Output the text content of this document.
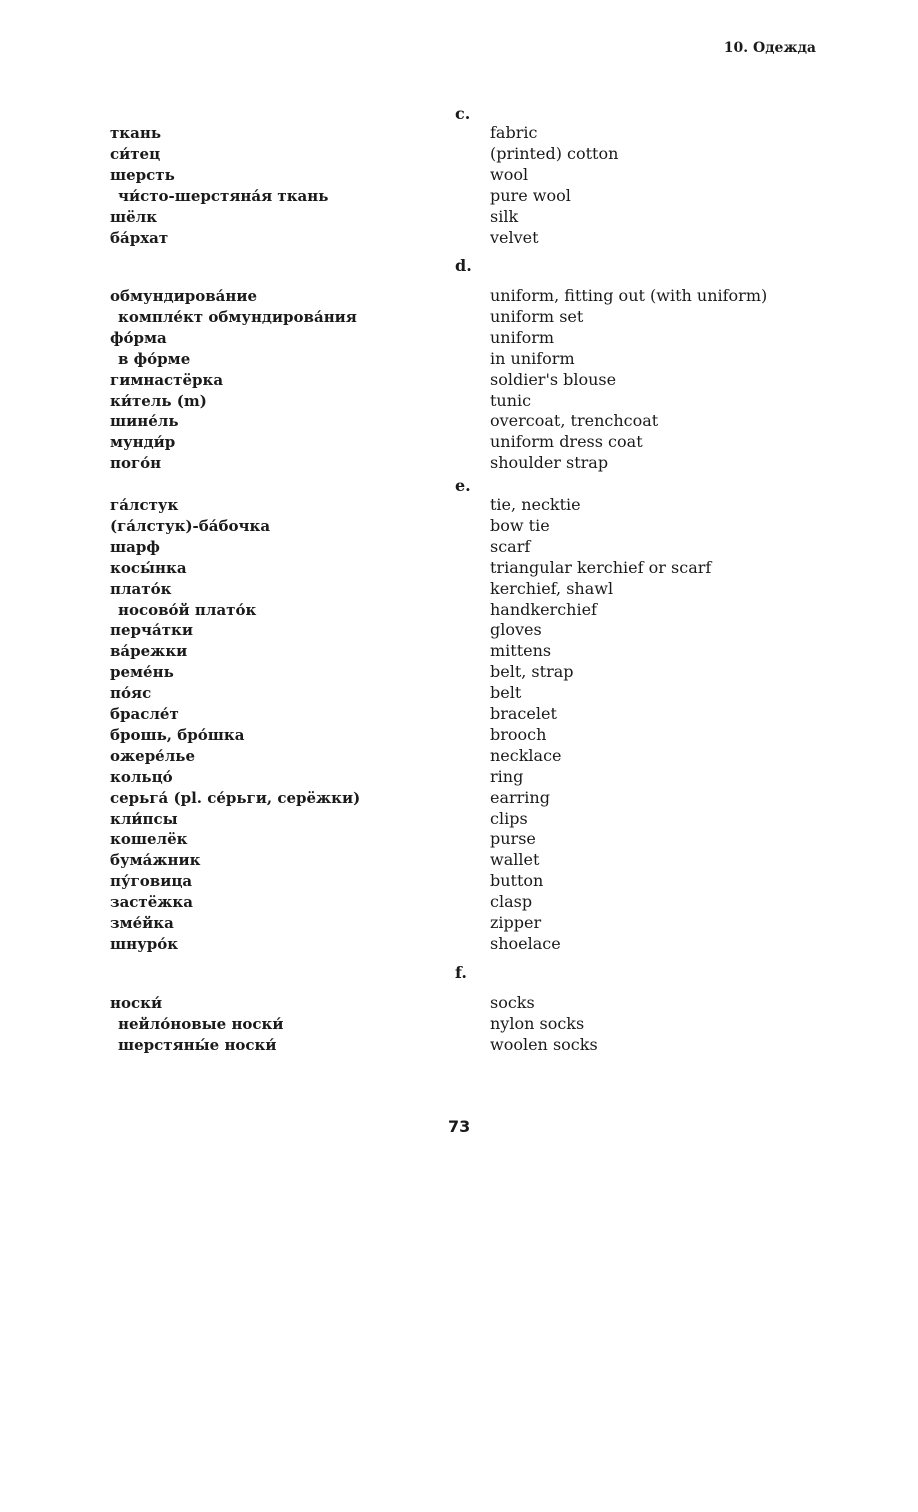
10. Одежда
c.
ткань	fabric
си́тец	(printed) cotton
шерсть	wool
чи́сто-шерстяна́я ткань	pure wool
шёлк	silk
ба́рхат	velvet
d.
обмундирова́ние	uniform, fitting out (with uniform)
компле́кт обмундирова́ния	uniform set
фо́рма	uniform
в фо́рме	in uniform
гимнастёрка	soldier's blouse
ки́тель (m)	tunic
шине́ль	overcoat, trenchcoat
мунди́р	uniform dress coat
пого́н	shoulder strap
e.
га́лстук	tie, necktie
(га́лстук)-ба́бочка	bow tie
шарф	scarf
косы́нка	triangular kerchief or scarf
плато́к	kerchief, shawl
носово́й плато́к	handkerchief
перча́тки	gloves
ва́режки	mittens
реме́нь	belt, strap
по́яс	belt
брасле́т	bracelet
брошь, бро́шка	brooch
ожере́лье	necklace
кольцо́	ring
серьга́ (pl. се́рьги, серёжки)	earring
кли́псы	clips
кошелёк	purse
бума́жник	wallet
пу́говица	button
застёжка	clasp
зме́йка	zipper
шнуро́к	shoelace
f.
носки́	socks
нейло́новые носки́	nylon socks
шерстяны́е носки́	woolen socks
73
